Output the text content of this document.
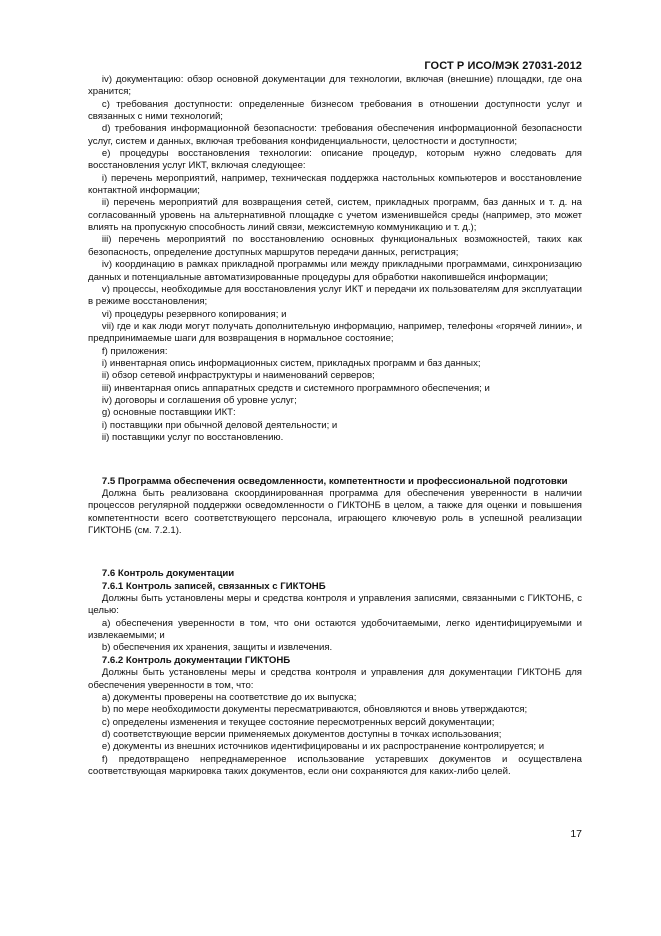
ГОСТ Р ИСО/МЭК 27031-2012

iv) документацию: обзор основной документации для технологии, включая (внешние) площадки, где она хранится;

c) требования доступности: определенные бизнесом требования в отношении доступности услуг и связанных с ними технологий;

d) требования информационной безопасности: требования обеспечения информационной безопасности услуг, систем и данных, включая требования конфиденциальности, целостности и доступности;

e) процедуры восстановления технологии: описание процедур, которым нужно следовать для восстановления услуг ИКТ, включая следующее:

i) перечень мероприятий, например, техническая поддержка настольных компьютеров и восстановление контактной информации;

ii) перечень мероприятий для возвращения сетей, систем, прикладных программ, баз данных и т. д. на согласованный уровень на альтернативной площадке с учетом изменившейся среды (например, это может влиять на пропускную способность линий связи, межсистемную коммуникацию и т. д.);

iii) перечень мероприятий по восстановлению основных функциональных возможностей, таких как безопасность, определение доступных маршрутов передачи данных, регистрация;

iv) координацию в рамках прикладной программы или между прикладными программами, синхронизацию данных и потенциальные автоматизированные процедуры для обработки накопившейся информации;

v) процессы, необходимые для восстановления услуг ИКТ и передачи их пользователям для эксплуатации в режиме восстановления;

vi) процедуры резервного копирования; и

vii) где и как люди могут получать дополнительную информацию, например, телефоны «горячей линии», и предпринимаемые шаги для возвращения в нормальное состояние;

f) приложения:

i) инвентарная опись информационных систем, прикладных программ и баз данных;

ii) обзор сетевой инфраструктуры и наименований серверов;

iii) инвентарная опись аппаратных средств и системного программного обеспечения; и

iv) договоры и соглашения об уровне услуг;

g) основные поставщики ИКТ:

i) поставщики при обычной деловой деятельности; и

ii) поставщики услуг по восстановлению.

7.5 Программа обеспечения осведомленности, компетентности и профессиональной подготовки

Должна быть реализована скоординированная программа для обеспечения уверенности в наличии процессов регулярной поддержки осведомленности о ГИКТОНБ в целом, а также для оценки и повышения компетентности всего соответствующего персонала, играющего ключевую роль в успешной реализации ГИКТОНБ (см. 7.2.1).

7.6 Контроль документации

7.6.1 Контроль записей, связанных с ГИКТОНБ

Должны быть установлены меры и средства контроля и управления записями, связанными с ГИКТОНБ, с целью:

a) обеспечения уверенности в том, что они остаются удобочитаемыми, легко идентифицируемыми и извлекаемыми; и

b) обеспечения их хранения, защиты и извлечения.

7.6.2 Контроль документации ГИКТОНБ

Должны быть установлены меры и средства контроля и управления для документации ГИКТОНБ для обеспечения уверенности в том, что:

a) документы проверены на соответствие до их выпуска;

b) по мере необходимости документы пересматриваются, обновляются и вновь утверждаются;

c) определены изменения и текущее состояние пересмотренных версий документации;

d) соответствующие версии применяемых документов доступны в точках использования;

e) документы из внешних источников идентифицированы и их распространение контролируется; и

f) предотвращено непреднамеренное использование устаревших документов и осуществлена соответствующая маркировка таких документов, если они сохраняются для каких-либо целей.

17
